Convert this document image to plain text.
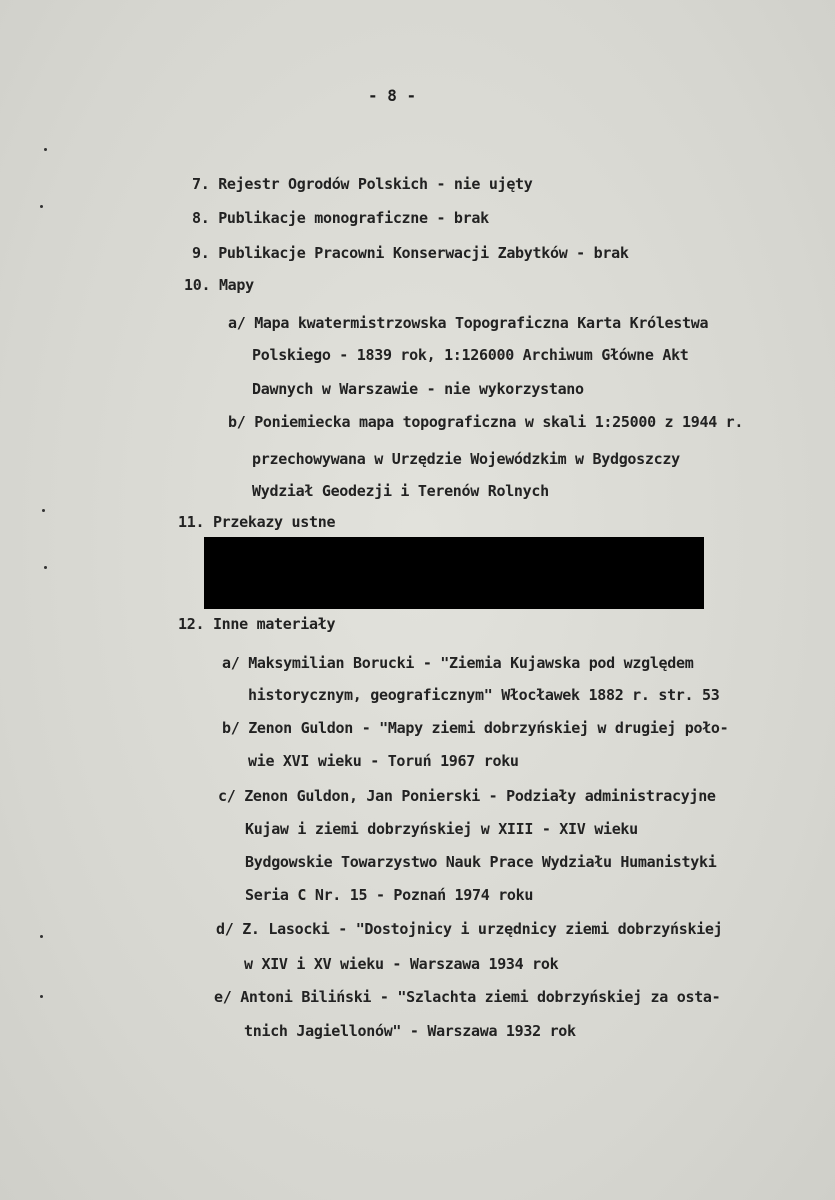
- 8 -
7. Rejestr Ogrodów Polskich - nie ujęty
8. Publikacje monograficzne - brak
9. Publikacje Pracowni Konserwacji Zabytków - brak
10. Mapy
a/ Mapa kwatermistrzowska Topograficzna Karta Królestwa
Polskiego - 1839 rok, 1:126000 Archiwum Główne Akt
Dawnych w Warszawie - nie wykorzystano
b/ Poniemiecka mapa topograficzna w skali 1:25000 z 1944 r.
przechowywana w Urzędzie Wojewódzkim w Bydgoszczy
Wydział Geodezji i Terenów Rolnych
11. Przekazy ustne
12. Inne materiały
a/ Maksymilian Borucki - "Ziemia Kujawska pod względem
historycznym, geograficznym" Włocławek 1882 r. str. 53
b/ Zenon Guldon - "Mapy ziemi dobrzyńskiej w drugiej poło-
wie XVI wieku - Toruń 1967 roku
c/ Zenon Guldon, Jan Ponierski - Podziały administracyjne
Kujaw i ziemi dobrzyńskiej w XIII - XIV wieku
Bydgowskie Towarzystwo Nauk Prace Wydziału Humanistyki
Seria C Nr. 15 - Poznań 1974 roku
d/ Z. Lasocki - "Dostojnicy i urzędnicy ziemi dobrzyńskiej
w XIV i XV wieku - Warszawa 1934 rok
e/ Antoni Biliński - "Szlachta ziemi dobrzyńskiej za osta-
tnich Jagiellonów" - Warszawa 1932 rok
